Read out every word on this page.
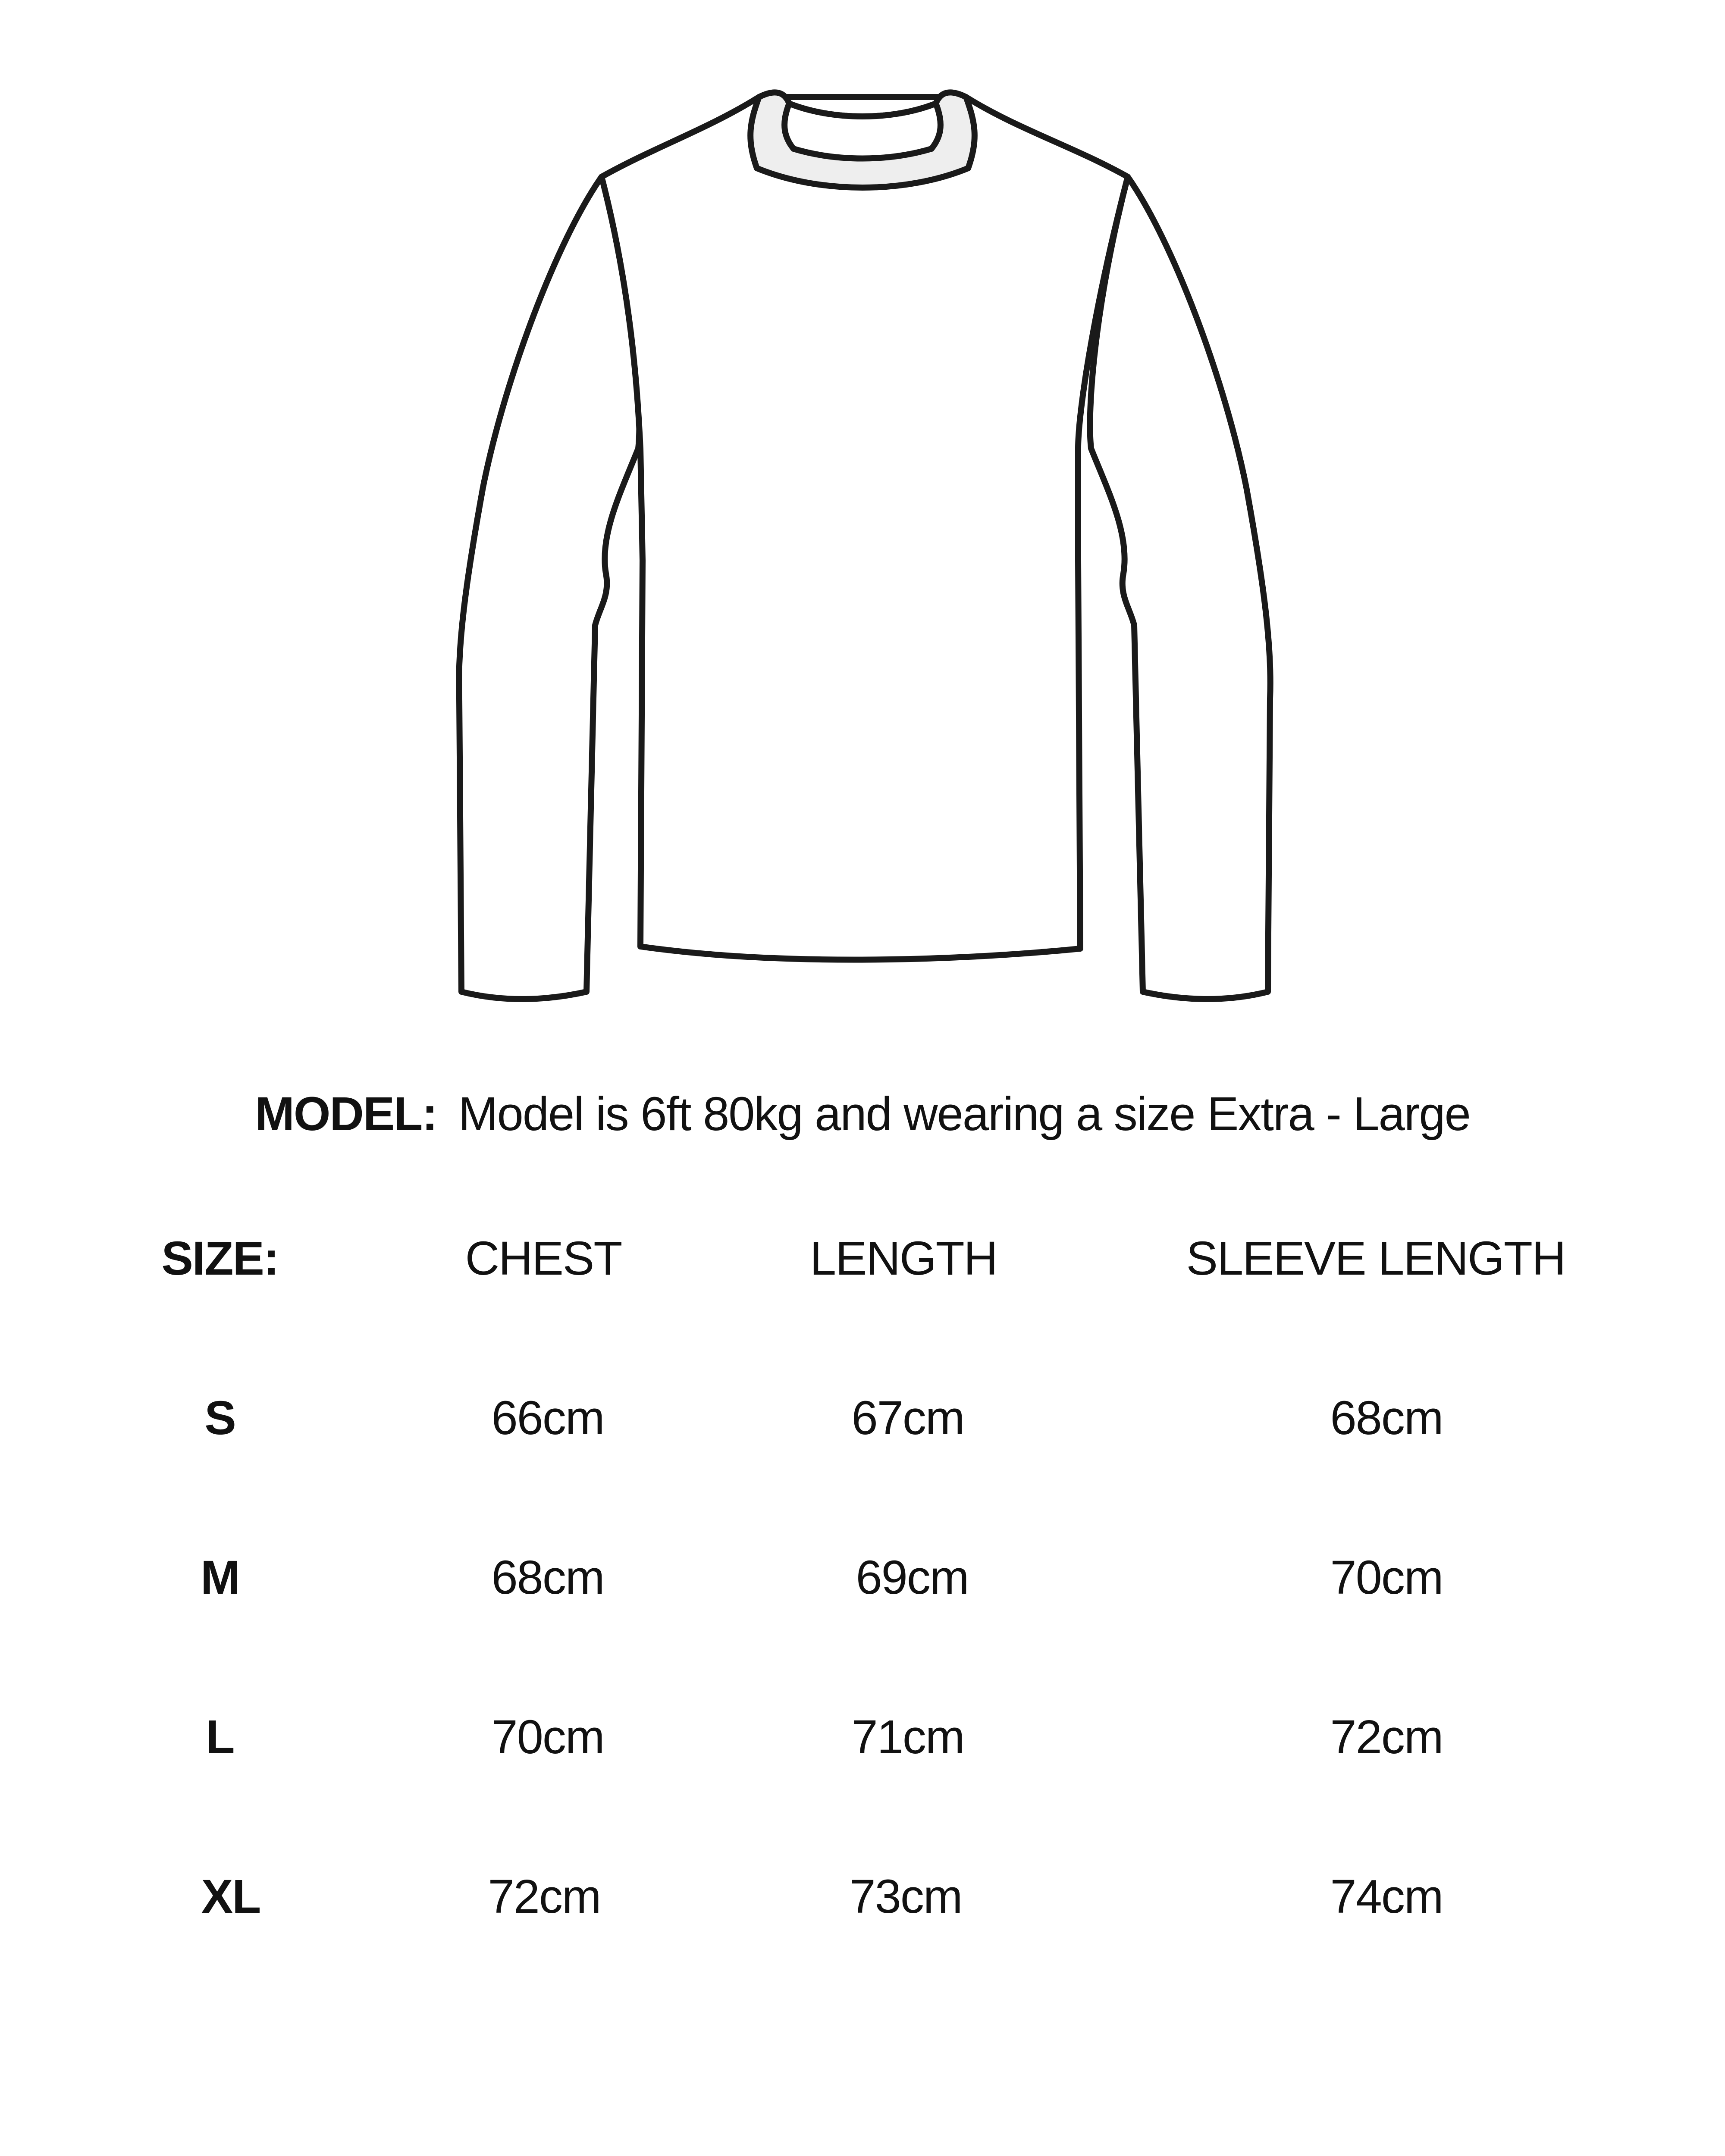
MODEL: Model is 6ft 80kg and wearing a size Extra - Large
SIZE:	CHEST	LENGTH	SLEEVE LENGTH
S	66cm	67cm	68cm
M	68cm	69cm	70cm
L	70cm	71cm	72cm
XL	72cm	73cm	74cm
